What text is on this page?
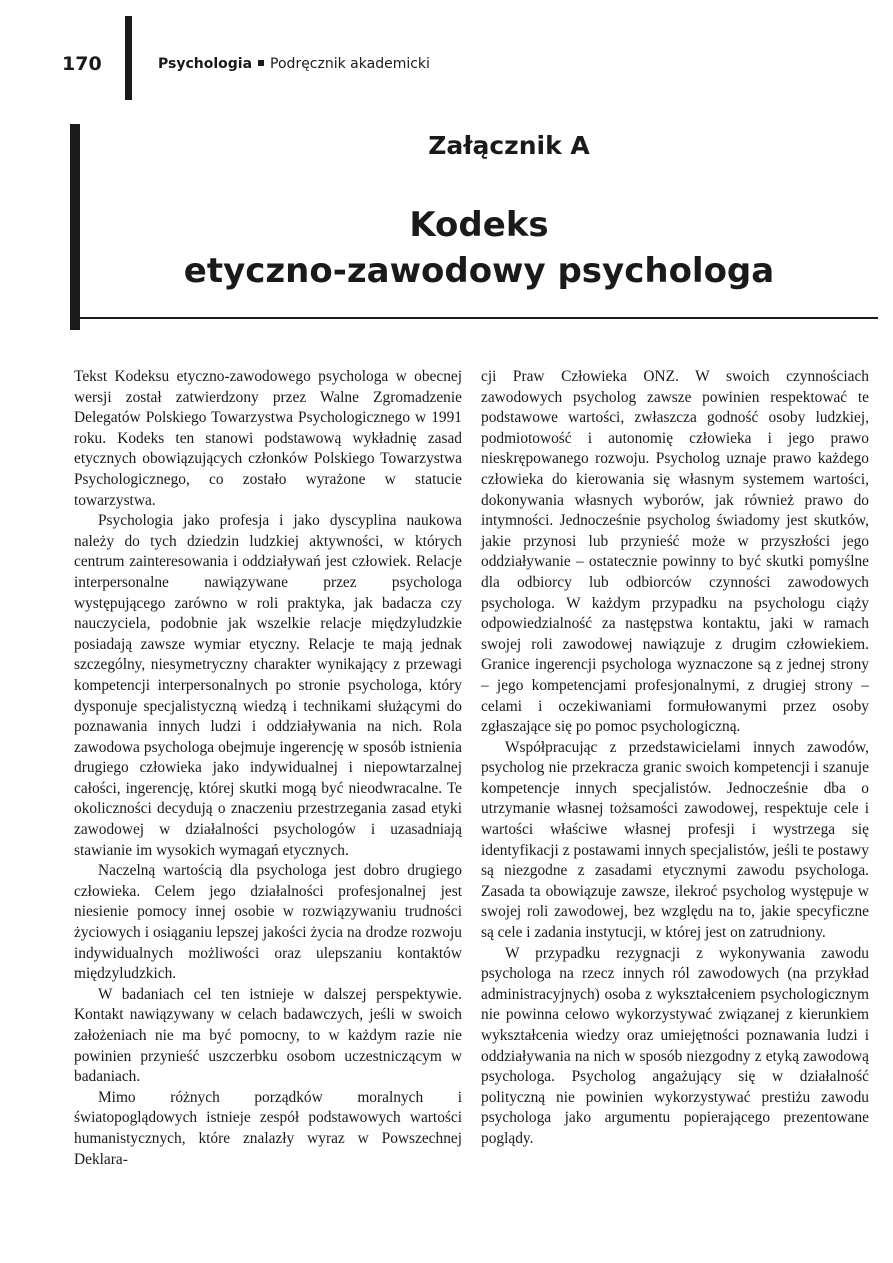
170	Psychologia Podręcznik akademicki
Załącznik A
Kodeks
etyczno-zawodowy psychologa

Tekst Kodeksu etyczno-zawodowego psychologa w obecnej wersji został zatwierdzony przez Walne Zgromadzenie Delegatów Polskiego Towarzystwa Psychologicznego w 1991 roku. Kodeks ten stanowi podstawową wykładnię zasad etycznych obowiązujących członków Polskiego Towarzystwa Psychologicznego, co zostało wyrażone w statucie towarzystwa.

Psychologia jako profesja i jako dyscyplina naukowa należy do tych dziedzin ludzkiej aktywności, w których centrum zainteresowania i oddziaływań jest człowiek. Relacje interpersonalne nawiązywane przez psychologa występującego zarówno w roli praktyka, jak badacza czy nauczyciela, podobnie jak wszelkie relacje międzyludzkie posiadają zawsze wymiar etyczny. Relacje te mają jednak szczególny, niesymetryczny charakter wynikający z przewagi kompetencji interpersonalnych po stronie psychologa, który dysponuje specjalistyczną wiedzą i technikami służącymi do poznawania innych ludzi i oddziaływania na nich. Rola zawodowa psychologa obejmuje ingerencję w sposób istnienia drugiego człowieka jako indywidualnej i niepowtarzalnej całości, ingerencję, której skutki mogą być nieodwracalne. Te okoliczności decydują o znaczeniu przestrzegania zasad etyki zawodowej w działalności psychologów i uzasadniają stawianie im wysokich wymagań etycznych.

Naczelną wartością dla psychologa jest dobro drugiego człowieka. Celem jego działalności profesjonalnej jest niesienie pomocy innej osobie w rozwiązywaniu trudności życiowych i osiąganiu lepszej jakości życia na drodze rozwoju indywidualnych możliwości oraz ulepszaniu kontaktów międzyludzkich.

W badaniach cel ten istnieje w dalszej perspektywie. Kontakt nawiązywany w celach badawczych, jeśli w swoich założeniach nie ma być pomocny, to w każdym razie nie powinien przynieść uszczerbku osobom uczestniczącym w badaniach.

Mimo różnych porządków moralnych i światopoglądowych istnieje zespół podstawowych wartości humanistycznych, które znalazły wyraz w Powszechnej Deklara-

cji Praw Człowieka ONZ. W swoich czynnościach zawodowych psycholog zawsze powinien respektować te podstawowe wartości, zwłaszcza godność osoby ludzkiej, podmiotowość i autonomię człowieka i jego prawo nieskrępowanego rozwoju. Psycholog uznaje prawo każdego człowieka do kierowania się własnym systemem wartości, dokonywania własnych wyborów, jak również prawo do intymności. Jednocześnie psycholog świadomy jest skutków, jakie przynosi lub przynieść może w przyszłości jego oddziaływanie – ostatecznie powinny to być skutki pomyślne dla odbiorcy lub odbiorców czynności zawodowych psychologa. W każdym przypadku na psychologu ciąży odpowiedzialność za następstwa kontaktu, jaki w ramach swojej roli zawodowej nawiązuje z drugim człowiekiem. Granice ingerencji psychologa wyznaczone są z jednej strony – jego kompetencjami profesjonalnymi, z drugiej strony – celami i oczekiwaniami formułowanymi przez osoby zgłaszające się po pomoc psychologiczną.

Współpracując z przedstawicielami innych zawodów, psycholog nie przekracza granic swoich kompetencji i szanuje kompetencje innych specjalistów. Jednocześnie dba o utrzymanie własnej tożsamości zawodowej, respektuje cele i wartości właściwe własnej profesji i wystrzega się identyfikacji z postawami innych specjalistów, jeśli te postawy są niezgodne z zasadami etycznymi zawodu psychologa. Zasada ta obowiązuje zawsze, ilekroć psycholog występuje w swojej roli zawodowej, bez względu na to, jakie specyficzne są cele i zadania instytucji, w której jest on zatrudniony.

W przypadku rezygnacji z wykonywania zawodu psychologa na rzecz innych ról zawodowych (na przykład administracyjnych) osoba z wykształceniem psychologicznym nie powinna celowo wykorzystywać związanej z kierunkiem wykształcenia wiedzy oraz umiejętności poznawania ludzi i oddziaływania na nich w sposób niezgodny z etyką zawodową psychologa. Psycholog angażujący się w działalność polityczną nie powinien wykorzystywać prestiżu zawodu psychologa jako argumentu popierającego prezentowane poglądy.
